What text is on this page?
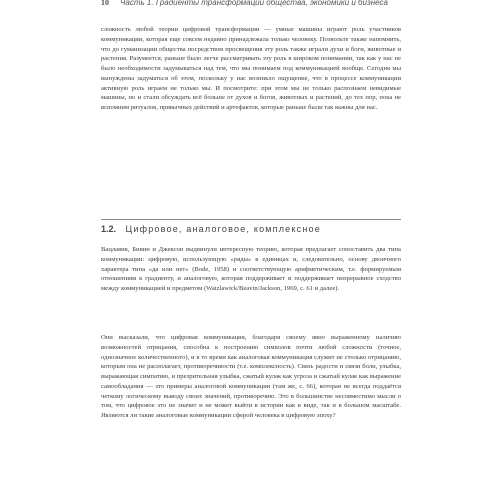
10 Часть 1. Градиенты трансформации общества, экономики и бизнеса

сложность любой теории цифровой трансформации — умные машины играют роль участников коммуникации, которая еще совсем недавно принадлежала только человеку. Позвольте также напомнить, что до гуманизации общества посредством просвещения эту роль также играли духи и боги, животные и растения. Разумеется, раньше было легче рассматривать эту роль в широком понимании, так как у нас не было необходимости задумываться над тем, что мы понимаем под коммуникацией вообще. Сегодня мы вынуждены задуматься об этом, поскольку у нас возникло ощущение, что в процессе коммуникации активную роль играем не только мы. И посмотрите: при этом мы не только распознаем невидимые машины, но и стали обсуждать всё больше от духов и богов, животных и растений, до тех пор, пока не вспомним ритуалов, привычных действий и артефактов, которые раньше были так важны для нас.

1.2. Цифровое, аналоговое, комплексное

Вацлавик, Бивин и Джексон выдвинули интересную теорию, которая предлагает сопоставить два типа коммуникации: цифровую, использующую «ряды» в единицах и, следовательно, основу двоичного характера типа «да или нет» (Bode, 1958) и соответствующую арифметическим, т.е. формируемым отношениям к градиенту, и аналоговую, которая поддерживает и поддерживает непрерывное сходство между коммуникацией и предметом (Watzlawick/Beavin/Jackson, 1969, с. 61 и далее).

Они высказали, что цифровая коммуникация, благодаря своему явно выраженному наличию возможностей отрицания, способна к построению символов почти любой сложности (точное, однозначное количественного), и в то время как аналоговая коммуникация служит не столько отрицанию, которым она не располагает, противоречивости (т.е. комплексность). Связь радости и связи боли, улыбка, выражающая симпатию, и презрительная улыбка, сжатый кулак как угроза и сжатый кулак как выражение самообладания — это примеры аналоговой коммуникации (там же, с. 66), которая не всегда поддаётся четкому логическому выводу своих значений, противоречию. Это в большинстве несовместимо мысли о том, что цифровое это не значит и не может выйти в истории как в виде, так и в большом масштабе. Являются ли такие аналоговые коммуникации сферой человека в цифровую эпоху?
